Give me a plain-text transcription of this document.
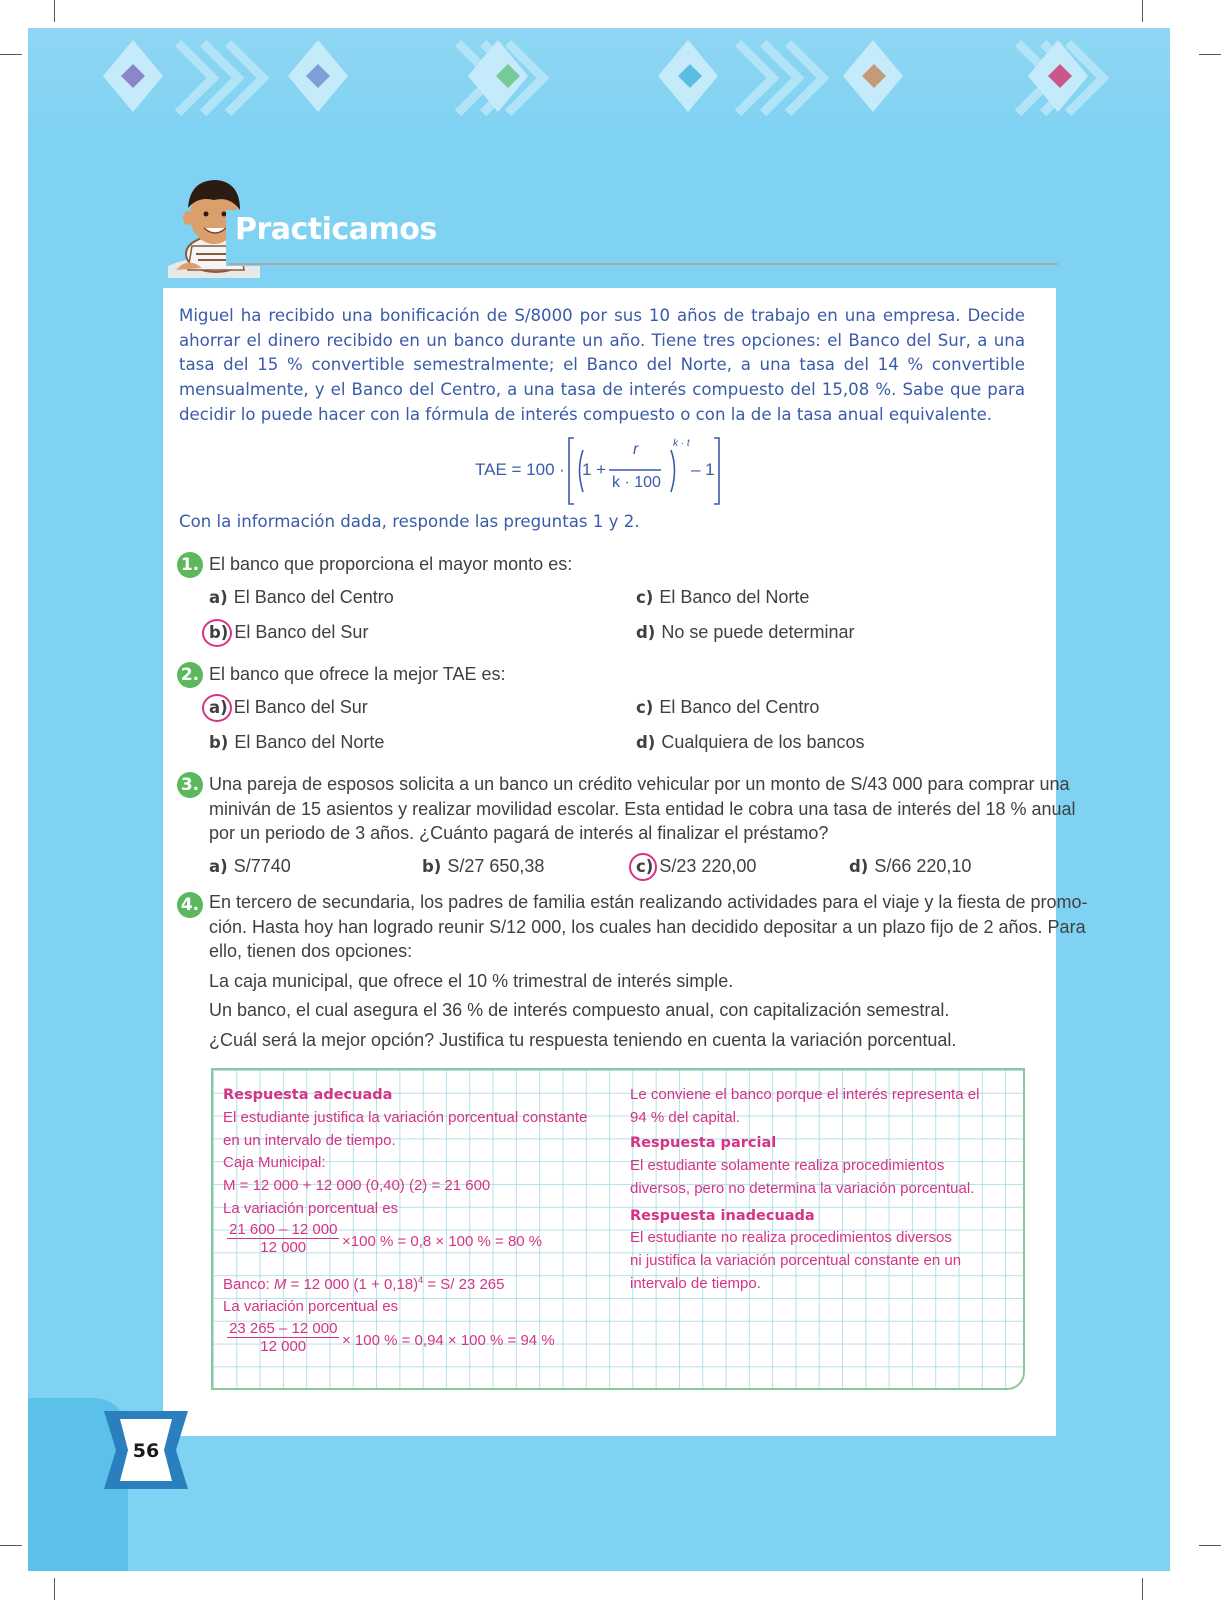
Practicamos
Miguel ha recibido una bonificación de S/8000 por sus 10 años de trabajo en una empresa. Decide ahorrar el dinero recibido en un banco durante un año. Tiene tres opciones: el Banco del Sur, a una tasa del 15 % convertible semestralmente; el Banco del Norte, a una tasa del 14 % convertible mensualmente, y el Banco del Centro, a una tasa de interés compuesto del 15,08 %. Sabe que para decidir lo puede hacer con la fórmula de interés compuesto o con la de la tasa anual equivalente.
TAE = 100 · 1 +
r
k · 100
k · t
– 1
Con la información dada, responde las preguntas 1 y 2.
1. El banco que proporciona el mayor monto es:
a) El Banco del Centro
b) El Banco del Sur
c) El Banco del Norte
d) No se puede determinar
2. El banco que ofrece la mejor TAE es:
a) El Banco del Sur
b) El Banco del Norte
c) El Banco del Centro
d) Cualquiera de los bancos
3. Una pareja de esposos solicita a un banco un crédito vehicular por un monto de S/43 000 para comprar una
miniván de 15 asientos y realizar movilidad escolar. Esta entidad le cobra una tasa de interés del 18 % anual
por un periodo de 3 años. ¿Cuánto pagará de interés al finalizar el préstamo?
a) S/7740	b) S/27 650,38	c) S/23 220,00	d) S/66 220,10
4. En tercero de secundaria, los padres de familia están realizando actividades para el viaje y la fiesta de promo-
ción. Hasta hoy han logrado reunir S/12 000, los cuales han decidido depositar a un plazo fijo de 2 años. Para
ello, tienen dos opciones:
La caja municipal, que ofrece el 10 % trimestral de interés simple.
Un banco, el cual asegura el 36 % de interés compuesto anual, con capitalización semestral.
¿Cuál será la mejor opción? Justifica tu respuesta teniendo en cuenta la variación porcentual.
Respuesta adecuada
El estudiante justifica la variación porcentual constante
en un intervalo de tiempo.
Caja Municipal:
M = 12 000 + 12 000 (0,40) (2) = 21 600
La variación porcentual es
$\frac{21 600 - 12 000}{12 000} \times 100$ % = 0,8 × 100 % = 80 %
Banco: M = 12 000 $(1 + 0,18)^4 = S/$ 23 265
La variación porcentual es
$\frac{23 265 - 12 000}{12 000} \times 100$ % = 0,94 × 100 % = 94 %
Le conviene el banco porque el interés representa el
94 % del capital.
Respuesta parcial
El estudiante solamente realiza procedimientos
diversos, pero no determina la variación porcentual.
Respuesta inadecuada
El estudiante no realiza procedimientos diversos
ni justifica la variación porcentual constante en un
intervalo de tiempo.
56
